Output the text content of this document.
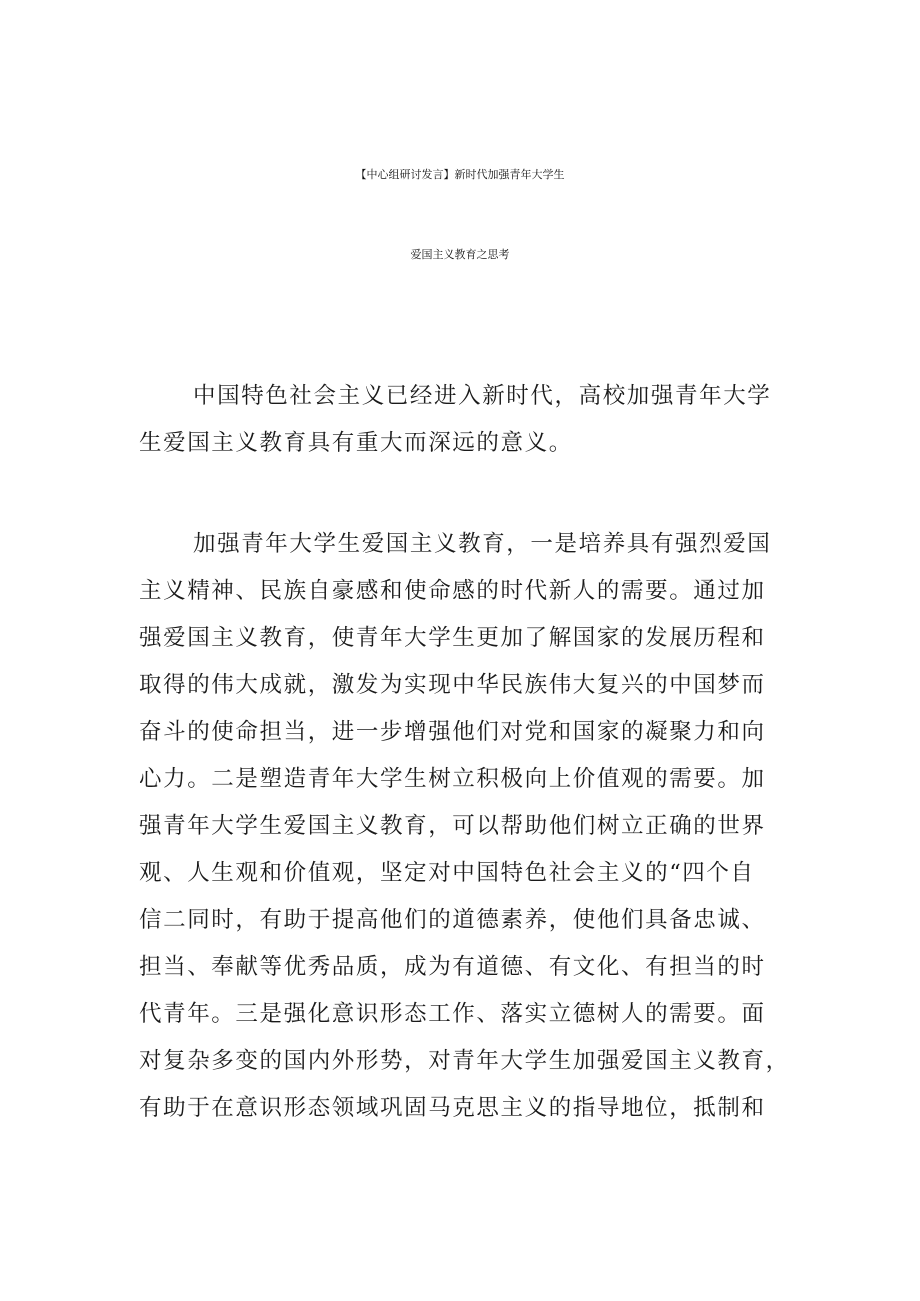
【中心组研讨发言】新时代加强青年大学生
爱国主义教育之思考
中国特色社会主义已经进入新时代，高校加强青年大学
生爱国主义教育具有重大而深远的意义。
加强青年大学生爱国主义教育，一是培养具有强烈爱国
主义精神、民族自豪感和使命感的时代新人的需要。通过加
强爱国主义教育，使青年大学生更加了解国家的发展历程和
取得的伟大成就，激发为实现中华民族伟大复兴的中国梦而
奋斗的使命担当，进一步增强他们对党和国家的凝聚力和向
心力。二是塑造青年大学生树立积极向上价值观的需要。加
强青年大学生爱国主义教育，可以帮助他们树立正确的世界
观、人生观和价值观，坚定对中国特色社会主义的“四个自
信二同时，有助于提高他们的道德素养，使他们具备忠诚、
担当、奉献等优秀品质，成为有道德、有文化、有担当的时
代青年。三是强化意识形态工作、落实立德树人的需要。面
对复杂多变的国内外形势，对青年大学生加强爱国主义教育，
有助于在意识形态领域巩固马克思主义的指导地位，抵制和
